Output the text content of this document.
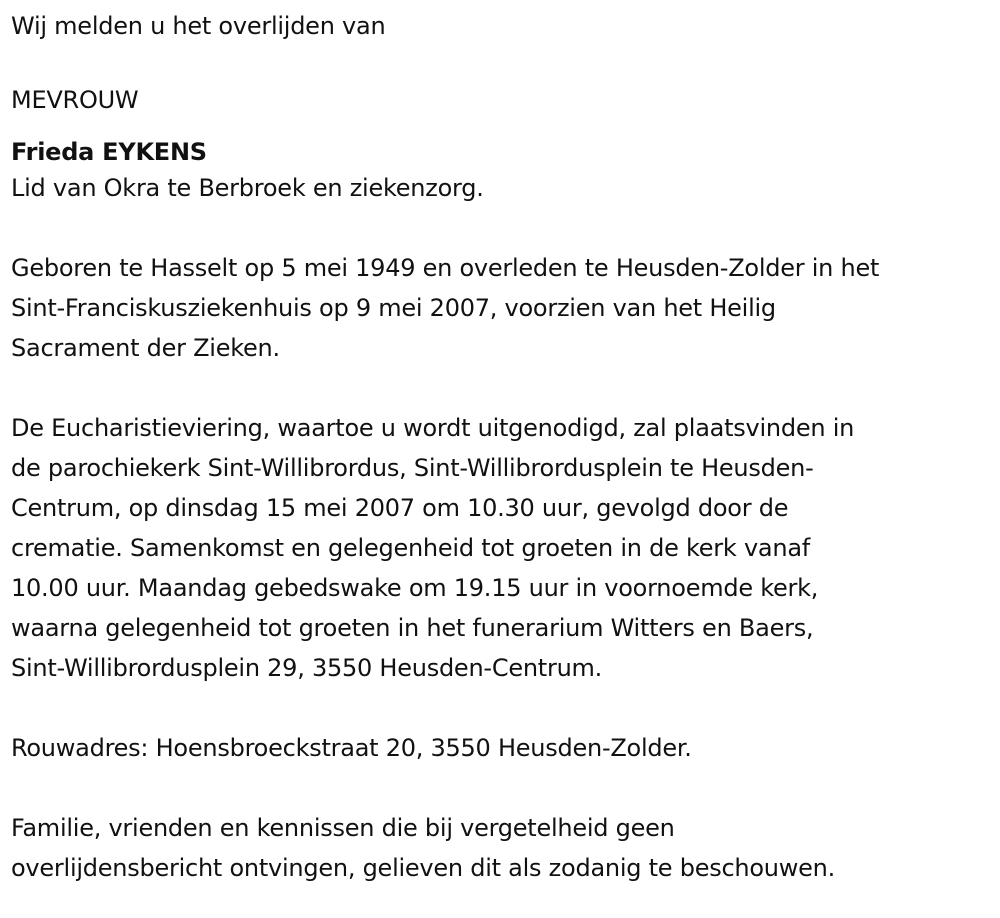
Wij melden u het overlijden van
MEVROUW
Frieda EYKENS
Lid van Okra te Berbroek en ziekenzorg.
Geboren te Hasselt op 5 mei 1949 en overleden te Heusden-Zolder in het
Sint-Franciskusziekenhuis op 9 mei 2007, voorzien van het Heilig
Sacrament der Zieken.
De Eucharistieviering, waartoe u wordt uitgenodigd, zal plaatsvinden in
de parochiekerk Sint-Willibrordus, Sint-Willibrordusplein te Heusden-
Centrum, op dinsdag 15 mei 2007 om 10.30 uur, gevolgd door de
crematie. Samenkomst en gelegenheid tot groeten in de kerk vanaf
10.00 uur. Maandag gebedswake om 19.15 uur in voornoemde kerk,
waarna gelegenheid tot groeten in het funerarium Witters en Baers,
Sint-Willibrordusplein 29, 3550 Heusden-Centrum.
Rouwadres: Hoensbroeckstraat 20, 3550 Heusden-Zolder.
Familie, vrienden en kennissen die bij vergetelheid geen
overlijdensbericht ontvingen, gelieven dit als zodanig te beschouwen.
